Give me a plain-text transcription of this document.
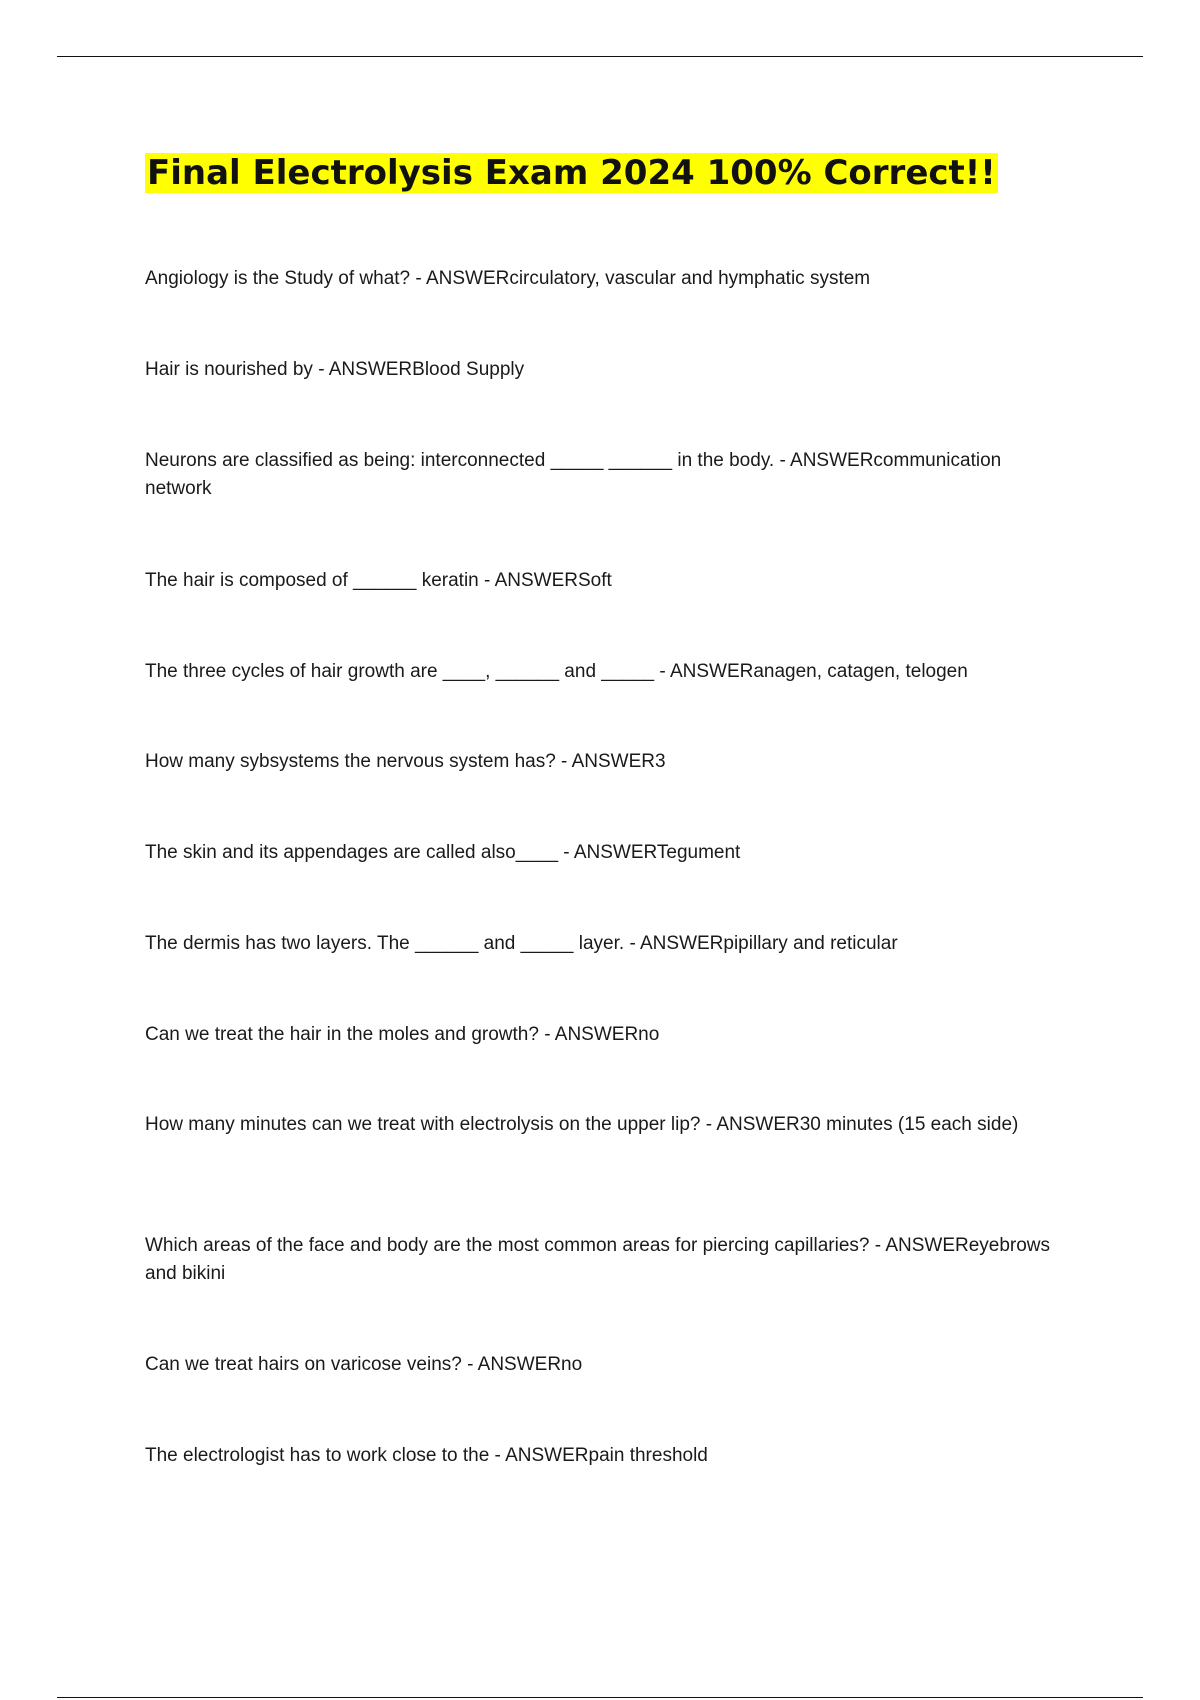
Final Electrolysis Exam 2024 100% Correct!!

Angiology is the Study of what? - ANSWERcirculatory, vascular and hymphatic system

Hair is nourished by - ANSWERBlood Supply

Neurons are classified as being: interconnected _____ ______ in the body. - ANSWERcommunication network

The hair is composed of ______ keratin - ANSWERSoft

The three cycles of hair growth are ____, ______ and _____ - ANSWERanagen, catagen, telogen

How many sybsystems the nervous system has? - ANSWER3

The skin and its appendages are called also____ - ANSWERTegument

The dermis has two layers. The ______ and _____ layer. - ANSWERpipillary and reticular

Can we treat the hair in the moles and growth? - ANSWERno

How many minutes can we treat with electrolysis on the upper lip? - ANSWER30 minutes (15 each side)

Which areas of the face and body are the most common areas for piercing capillaries? - ANSWEReyebrows and bikini

Can we treat hairs on varicose veins? - ANSWERno

The electrologist has to work close to the - ANSWERpain threshold
